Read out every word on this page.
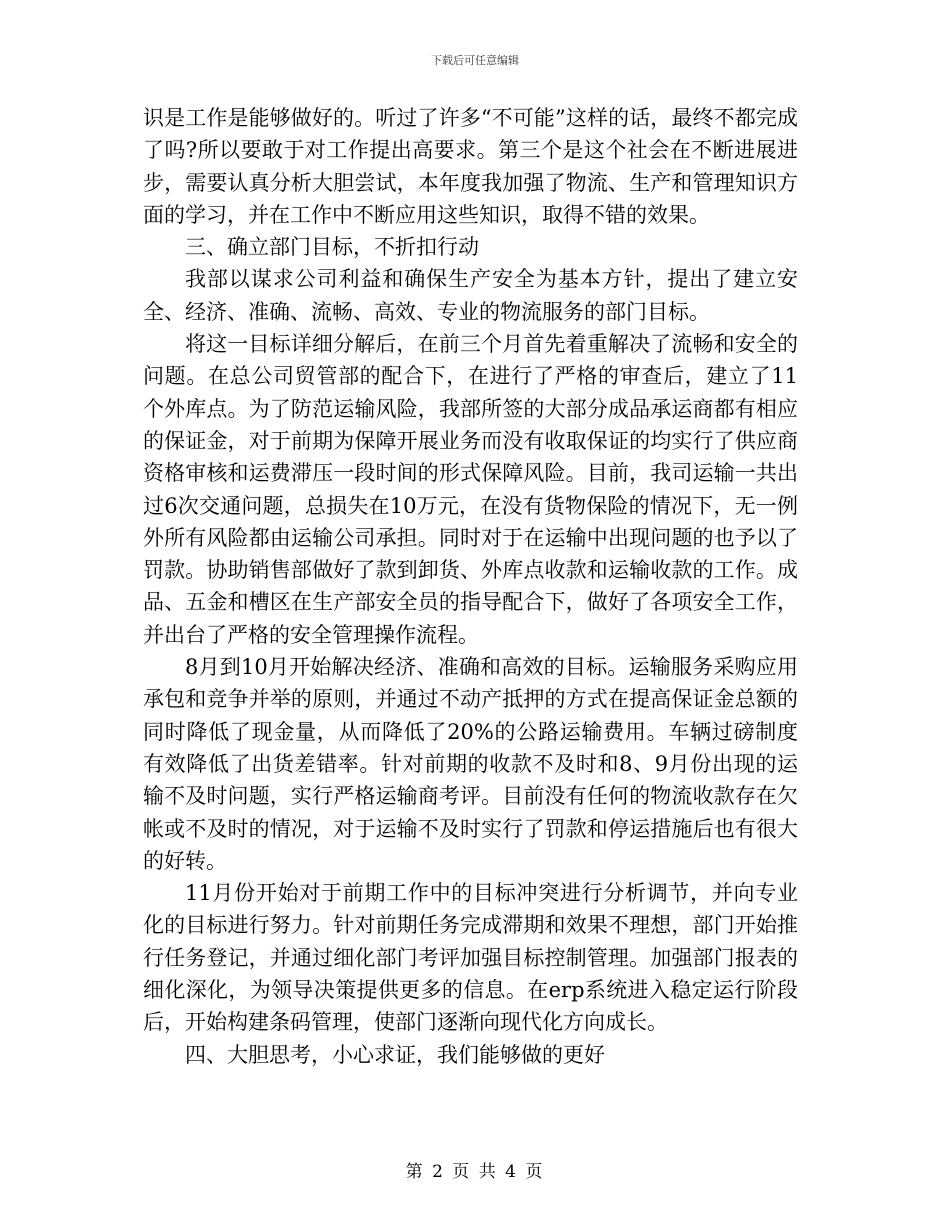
下载后可任意编辑

识是工作是能够做好的。听过了许多“不可能”这样的话，最终不都完成了吗?所以要敢于对工作提出高要求。第三个是这个社会在不断进展进步，需要认真分析大胆尝试，本年度我加强了物流、生产和管理知识方面的学习，并在工作中不断应用这些知识，取得不错的效果。

三、确立部门目标，不折扣行动

我部以谋求公司利益和确保生产安全为基本方针，提出了建立安全、经济、准确、流畅、高效、专业的物流服务的部门目标。

将这一目标详细分解后，在前三个月首先着重解决了流畅和安全的问题。在总公司贸管部的配合下，在进行了严格的审查后，建立了11个外库点。为了防范运输风险，我部所签的大部分成品承运商都有相应的保证金，对于前期为保障开展业务而没有收取保证的均实行了供应商资格审核和运费滞压一段时间的形式保障风险。目前，我司运输一共出过6次交通问题，总损失在10万元，在没有货物保险的情况下，无一例外所有风险都由运输公司承担。同时对于在运输中出现问题的也予以了罚款。协助销售部做好了款到卸货、外库点收款和运输收款的工作。成品、五金和槽区在生产部安全员的指导配合下，做好了各项安全工作，并出台了严格的安全管理操作流程。

8月到10月开始解决经济、准确和高效的目标。运输服务采购应用承包和竞争并举的原则，并通过不动产抵押的方式在提高保证金总额的同时降低了现金量，从而降低了20%的公路运输费用。车辆过磅制度有效降低了出货差错率。针对前期的收款不及时和8、9月份出现的运输不及时问题，实行严格运输商考评。目前没有任何的物流收款存在欠帐或不及时的情况，对于运输不及时实行了罚款和停运措施后也有很大的好转。

11月份开始对于前期工作中的目标冲突进行分析调节，并向专业化的目标进行努力。针对前期任务完成滞期和效果不理想，部门开始推行任务登记，并通过细化部门考评加强目标控制管理。加强部门报表的细化深化，为领导决策提供更多的信息。在erp系统进入稳定运行阶段后，开始构建条码管理，使部门逐渐向现代化方向成长。

四、大胆思考，小心求证，我们能够做的更好

第 2 页 共 4 页
